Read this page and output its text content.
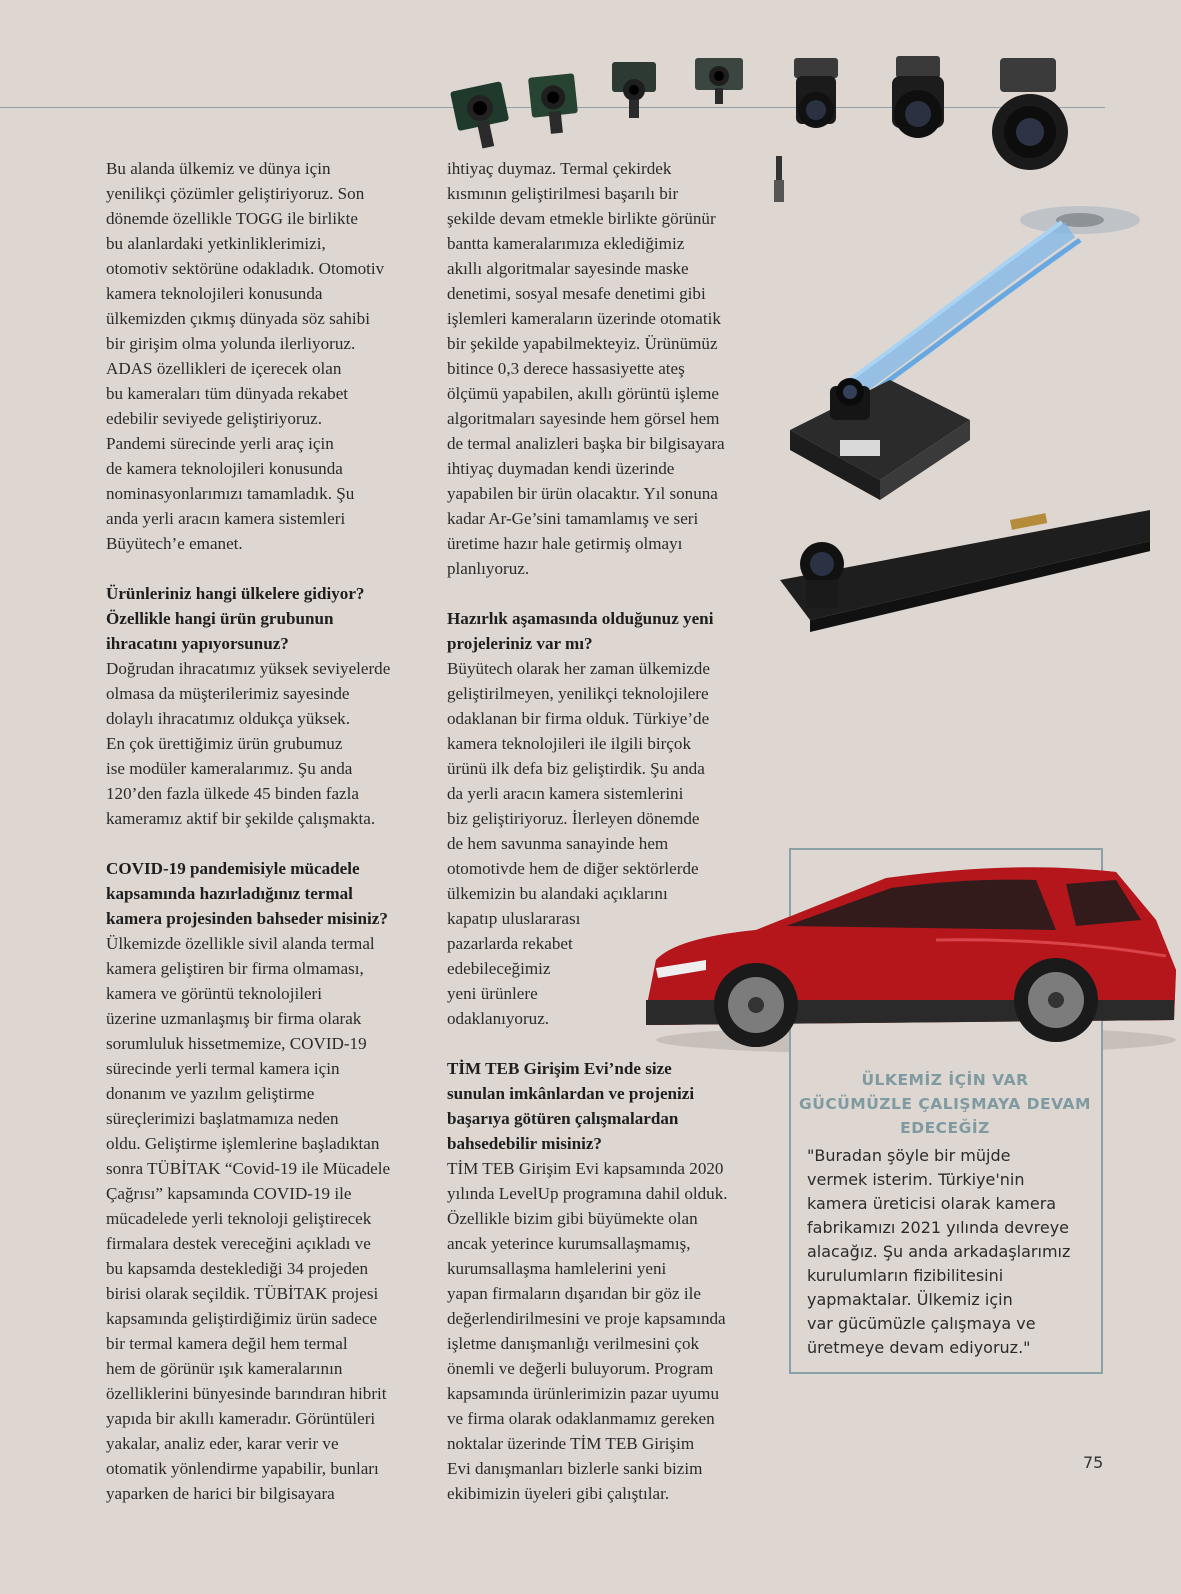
Bu alanda ülkemiz ve dünya için
yenilikçi çözümler geliştiriyoruz. Son
dönemde özellikle TOGG ile birlikte
bu alanlardaki yetkinliklerimizi,
otomotiv sektörüne odakladık. Otomotiv
kamera teknolojileri konusunda
ülkemizden çıkmış dünyada söz sahibi
bir girişim olma yolunda ilerliyoruz.
ADAS özellikleri de içerecek olan
bu kameraları tüm dünyada rekabet
edebilir seviyede geliştiriyoruz.
Pandemi sürecinde yerli araç için
de kamera teknolojileri konusunda
nominasyonlarımızı tamamladık. Şu
anda yerli aracın kamera sistemleri
Büyütech’e emanet.

Ürünleriniz hangi ülkelere gidiyor?
Özellikle hangi ürün grubunun
ihracatını yapıyorsunuz?

Doğrudan ihracatımız yüksek seviyelerde
olmasa da müşterilerimiz sayesinde
dolaylı ihracatımız oldukça yüksek.
En çok ürettiğimiz ürün grubumuz
ise modüler kameralarımız. Şu anda
120’den fazla ülkede 45 binden fazla
kameramız aktif bir şekilde çalışmakta.

COVID-19 pandemisiyle mücadele
kapsamında hazırladığınız termal
kamera projesinden bahseder misiniz?

Ülkemizde özellikle sivil alanda termal
kamera geliştiren bir firma olmaması,
kamera ve görüntü teknolojileri
üzerine uzmanlaşmış bir firma olarak
sorumluluk hissetmemize, COVID-19
sürecinde yerli termal kamera için
donanım ve yazılım geliştirme
süreçlerimizi başlatmamıza neden
oldu. Geliştirme işlemlerine başladıktan
sonra TÜBİTAK “Covid-19 ile Mücadele
Çağrısı” kapsamında COVID-19 ile
mücadelede yerli teknoloji geliştirecek
firmalara destek vereceğini açıkladı ve
bu kapsamda desteklediği 34 projeden
birisi olarak seçildik. TÜBİTAK projesi
kapsamında geliştirdiğimiz ürün sadece
bir termal kamera değil hem termal
hem de görünür ışık kameralarının
özelliklerini bünyesinde barındıran hibrit
yapıda bir akıllı kameradır. Görüntüleri
yakalar, analiz eder, karar verir ve
otomatik yönlendirme yapabilir, bunları
yaparken de harici bir bilgisayara

ihtiyaç duymaz. Termal çekirdek
kısmının geliştirilmesi başarılı bir
şekilde devam etmekle birlikte görünür
bantta kameralarımıza eklediğimiz
akıllı algoritmalar sayesinde maske
denetimi, sosyal mesafe denetimi gibi
işlemleri kameraların üzerinde otomatik
bir şekilde yapabilmekteyiz. Ürünümüz
bitince 0,3 derece hassasiyette ateş
ölçümü yapabilen, akıllı görüntü işleme
algoritmaları sayesinde hem görsel hem
de termal analizleri başka bir bilgisayara
ihtiyaç duymadan kendi üzerinde
yapabilen bir ürün olacaktır. Yıl sonuna
kadar Ar-Ge’sini tamamlamış ve seri
üretime hazır hale getirmiş olmayı
planlıyoruz.

Hazırlık aşamasında olduğunuz yeni
projeleriniz var mı?

Büyütech olarak her zaman ülkemizde
geliştirilmeyen, yenilikçi teknolojilere
odaklanan bir firma olduk. Türkiye’de
kamera teknolojileri ile ilgili birçok
ürünü ilk defa biz geliştirdik. Şu anda
da yerli aracın kamera sistemlerini
biz geliştiriyoruz. İlerleyen dönemde
de hem savunma sanayinde hem
otomotivde hem de diğer sektörlerde
ülkemizin bu alandaki açıklarını
kapatıp uluslararası
pazarlarda rekabet
edebileceğimiz
yeni ürünlere
odaklanıyoruz.

TİM TEB Girişim Evi’nde size
sunulan imkânlardan ve projenizi
başarıya götüren çalışmalardan
bahsedebilir misiniz?

TİM TEB Girişim Evi kapsamında 2020
yılında LevelUp programına dahil olduk.
Özellikle bizim gibi büyümekte olan
ancak yeterince kurumsallaşmamış,
kurumsallaşma hamlelerini yeni
yapan firmaların dışarıdan bir göz ile
değerlendirilmesini ve proje kapsamında
işletme danışmanlığı verilmesini çok
önemli ve değerli buluyorum. Program
kapsamında ürünlerimizin pazar uyumu
ve firma olarak odaklanmamız gereken
noktalar üzerinde TİM TEB Girişim
Evi danışmanları bizlerle sanki bizim
ekibimizin üyeleri gibi çalıştılar.

ÜLKEMİZ İÇİN VAR
GÜCÜMÜZLE ÇALIŞMAYA DEVAM
EDECEĞİZ
"Buradan şöyle bir müjde
vermek isterim. Türkiye'nin
kamera üreticisi olarak kamera
fabrikamızı 2021 yılında devreye
alacağız. Şu anda arkadaşlarımız
kurulumların fizibilitesini
yapmaktalar. Ülkemiz için
var gücümüzle çalışmaya ve
üretmeye devam ediyoruz."
75
